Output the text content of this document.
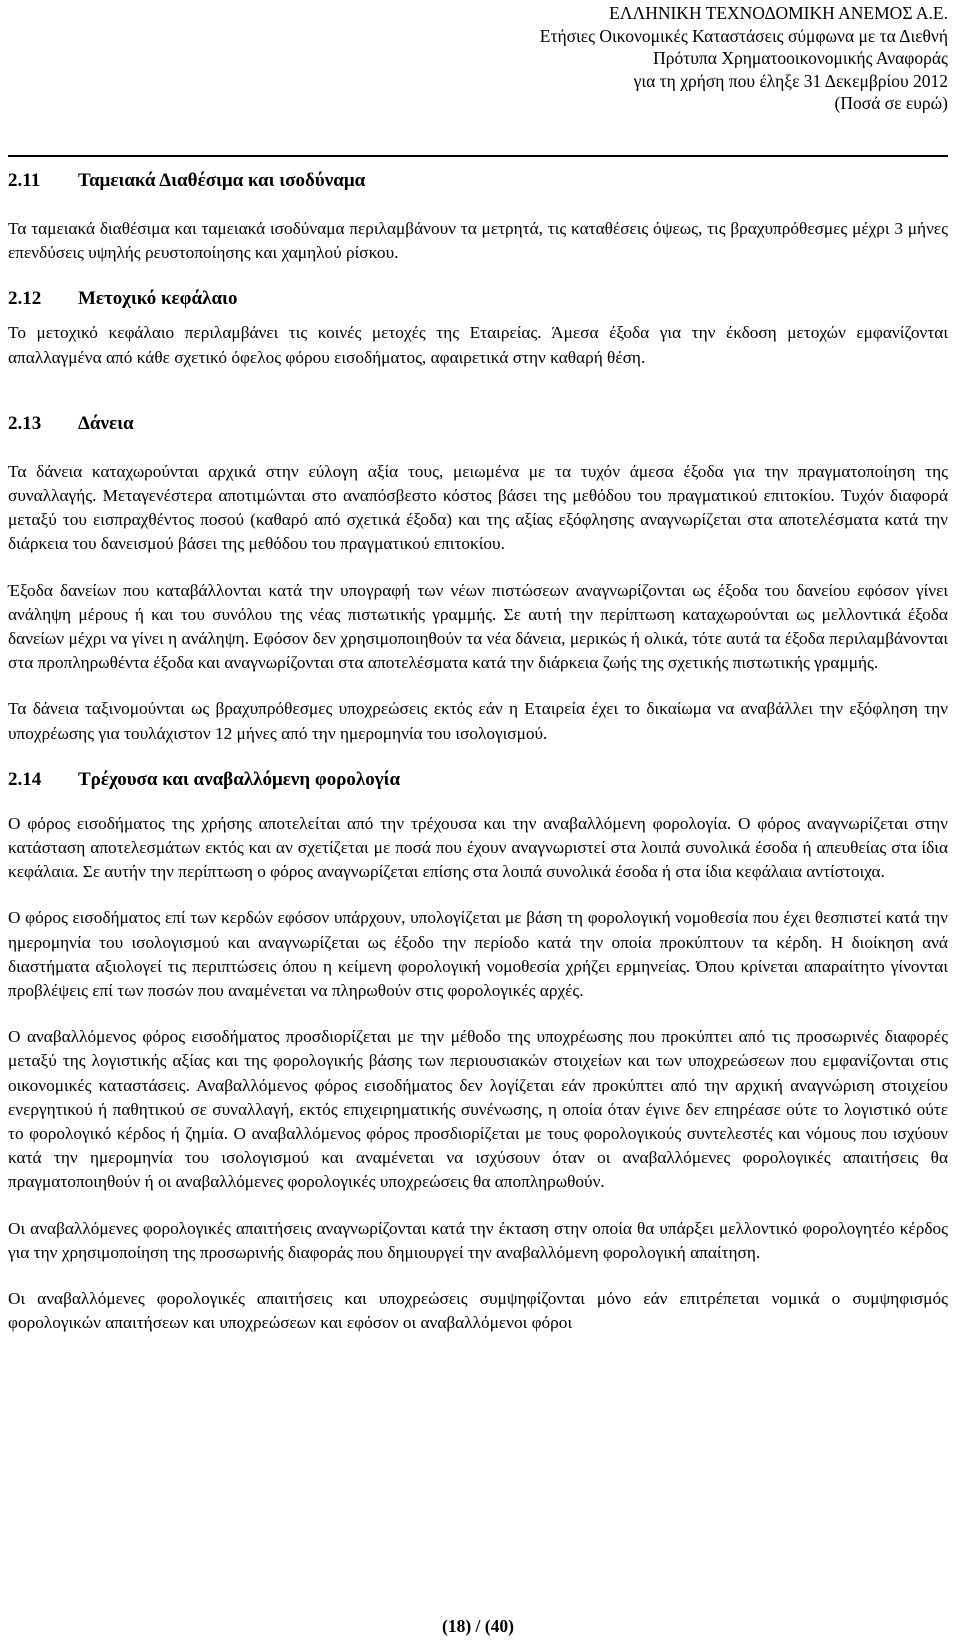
ΕΛΛΗΝΙΚΗ ΤΕΧΝΟΔΟΜΙΚΗ ΑΝΕΜΟΣ Α.Ε.
Ετήσιες Οικονομικές Καταστάσεις σύμφωνα με τα Διεθνή
Πρότυπα Χρηματοοικονομικής Αναφοράς
για τη χρήση που έληξε 31 Δεκεμβρίου 2012
(Ποσά σε ευρώ)
2.11 Ταμειακά Διαθέσιμα και ισοδύναμα

Τα ταμειακά διαθέσιμα και ταμειακά ισοδύναμα περιλαμβάνουν τα μετρητά, τις καταθέσεις όψεως, τις βραχυπρόθεσμες μέχρι 3 μήνες επενδύσεις υψηλής ρευστοποίησης και χαμηλού ρίσκου.

2.12 Μετοχικό κεφάλαιο

Το μετοχικό κεφάλαιο περιλαμβάνει τις κοινές μετοχές της Εταιρείας. Άμεσα έξοδα για την έκδοση μετοχών εμφανίζονται απαλλαγμένα από κάθε σχετικό όφελος φόρου εισοδήματος, αφαιρετικά στην καθαρή θέση.

2.13 Δάνεια

Τα δάνεια καταχωρούνται αρχικά στην εύλογη αξία τους, μειωμένα με τα τυχόν άμεσα έξοδα για την πραγματοποίηση της συναλλαγής. Μεταγενέστερα αποτιμώνται στο αναπόσβεστο κόστος βάσει της μεθόδου του πραγματικού επιτοκίου. Τυχόν διαφορά μεταξύ του εισπραχθέντος ποσού (καθαρό από σχετικά έξοδα) και της αξίας εξόφλησης αναγνωρίζεται στα αποτελέσματα κατά την διάρκεια του δανεισμού βάσει της μεθόδου του πραγματικού επιτοκίου.

Έξοδα δανείων που καταβάλλονται κατά την υπογραφή των νέων πιστώσεων αναγνωρίζονται ως έξοδα του δανείου εφόσον γίνει ανάληψη μέρους ή και του συνόλου της νέας πιστωτικής γραμμής. Σε αυτή την περίπτωση καταχωρούνται ως μελλοντικά έξοδα δανείων μέχρι να γίνει η ανάληψη. Εφόσον δεν χρησιμοποιηθούν τα νέα δάνεια, μερικώς ή ολικά, τότε αυτά τα έξοδα περιλαμβάνονται στα προπληρωθέντα έξοδα και αναγνωρίζονται στα αποτελέσματα κατά την διάρκεια ζωής της σχετικής πιστωτικής γραμμής.

Τα δάνεια ταξινομούνται ως βραχυπρόθεσμες υποχρεώσεις εκτός εάν η Εταιρεία έχει το δικαίωμα να αναβάλλει την εξόφληση την υποχρέωσης για τουλάχιστον 12 μήνες από την ημερομηνία του ισολογισμού.

2.14 Τρέχουσα και αναβαλλόμενη φορολογία

Ο φόρος εισοδήματος της χρήσης αποτελείται από την τρέχουσα και την αναβαλλόμενη φορολογία. Ο φόρος αναγνωρίζεται στην κατάσταση αποτελεσμάτων εκτός και αν σχετίζεται με ποσά που έχουν αναγνωριστεί στα λοιπά συνολικά έσοδα ή απευθείας στα ίδια κεφάλαια. Σε αυτήν την περίπτωση ο φόρος αναγνωρίζεται επίσης στα λοιπά συνολικά έσοδα ή στα ίδια κεφάλαια αντίστοιχα.

Ο φόρος εισοδήματος επί των κερδών εφόσον υπάρχουν, υπολογίζεται με βάση τη φορολογική νομοθεσία που έχει θεσπιστεί κατά την ημερομηνία του ισολογισμού και αναγνωρίζεται ως έξοδο την περίοδο κατά την οποία προκύπτουν τα κέρδη. Η διοίκηση ανά διαστήματα αξιολογεί τις περιπτώσεις όπου η κείμενη φορολογική νομοθεσία χρήζει ερμηνείας. Όπου κρίνεται απαραίτητο γίνονται προβλέψεις επί των ποσών που αναμένεται να πληρωθούν στις φορολογικές αρχές.

Ο αναβαλλόμενος φόρος εισοδήματος προσδιορίζεται με την μέθοδο της υποχρέωσης που προκύπτει από τις προσωρινές διαφορές μεταξύ της λογιστικής αξίας και της φορολογικής βάσης των περιουσιακών στοιχείων και των υποχρεώσεων που εμφανίζονται στις οικονομικές καταστάσεις. Αναβαλλόμενος φόρος εισοδήματος δεν λογίζεται εάν προκύπτει από την αρχική αναγνώριση στοιχείου ενεργητικού ή παθητικού σε συναλλαγή, εκτός επιχειρηματικής συνένωσης, η οποία όταν έγινε δεν επηρέασε ούτε το λογιστικό ούτε το φορολογικό κέρδος ή ζημία. Ο αναβαλλόμενος φόρος προσδιορίζεται με τους φορολογικούς συντελεστές και νόμους που ισχύουν κατά την ημερομηνία του ισολογισμού και αναμένεται να ισχύσουν όταν οι αναβαλλόμενες φορολογικές απαιτήσεις θα πραγματοποιηθούν ή οι αναβαλλόμενες φορολογικές υποχρεώσεις θα αποπληρωθούν.

Οι αναβαλλόμενες φορολογικές απαιτήσεις αναγνωρίζονται κατά την έκταση στην οποία θα υπάρξει μελλοντικό φορολογητέο κέρδος για την χρησιμοποίηση της προσωρινής διαφοράς που δημιουργεί την αναβαλλόμενη φορολογική απαίτηση.

Οι αναβαλλόμενες φορολογικές απαιτήσεις και υποχρεώσεις συμψηφίζονται μόνο εάν επιτρέπεται νομικά ο συμψηφισμός φορολογικών απαιτήσεων και υποχρεώσεων και εφόσον οι αναβαλλόμενοι φόροι

(18) / (40)
